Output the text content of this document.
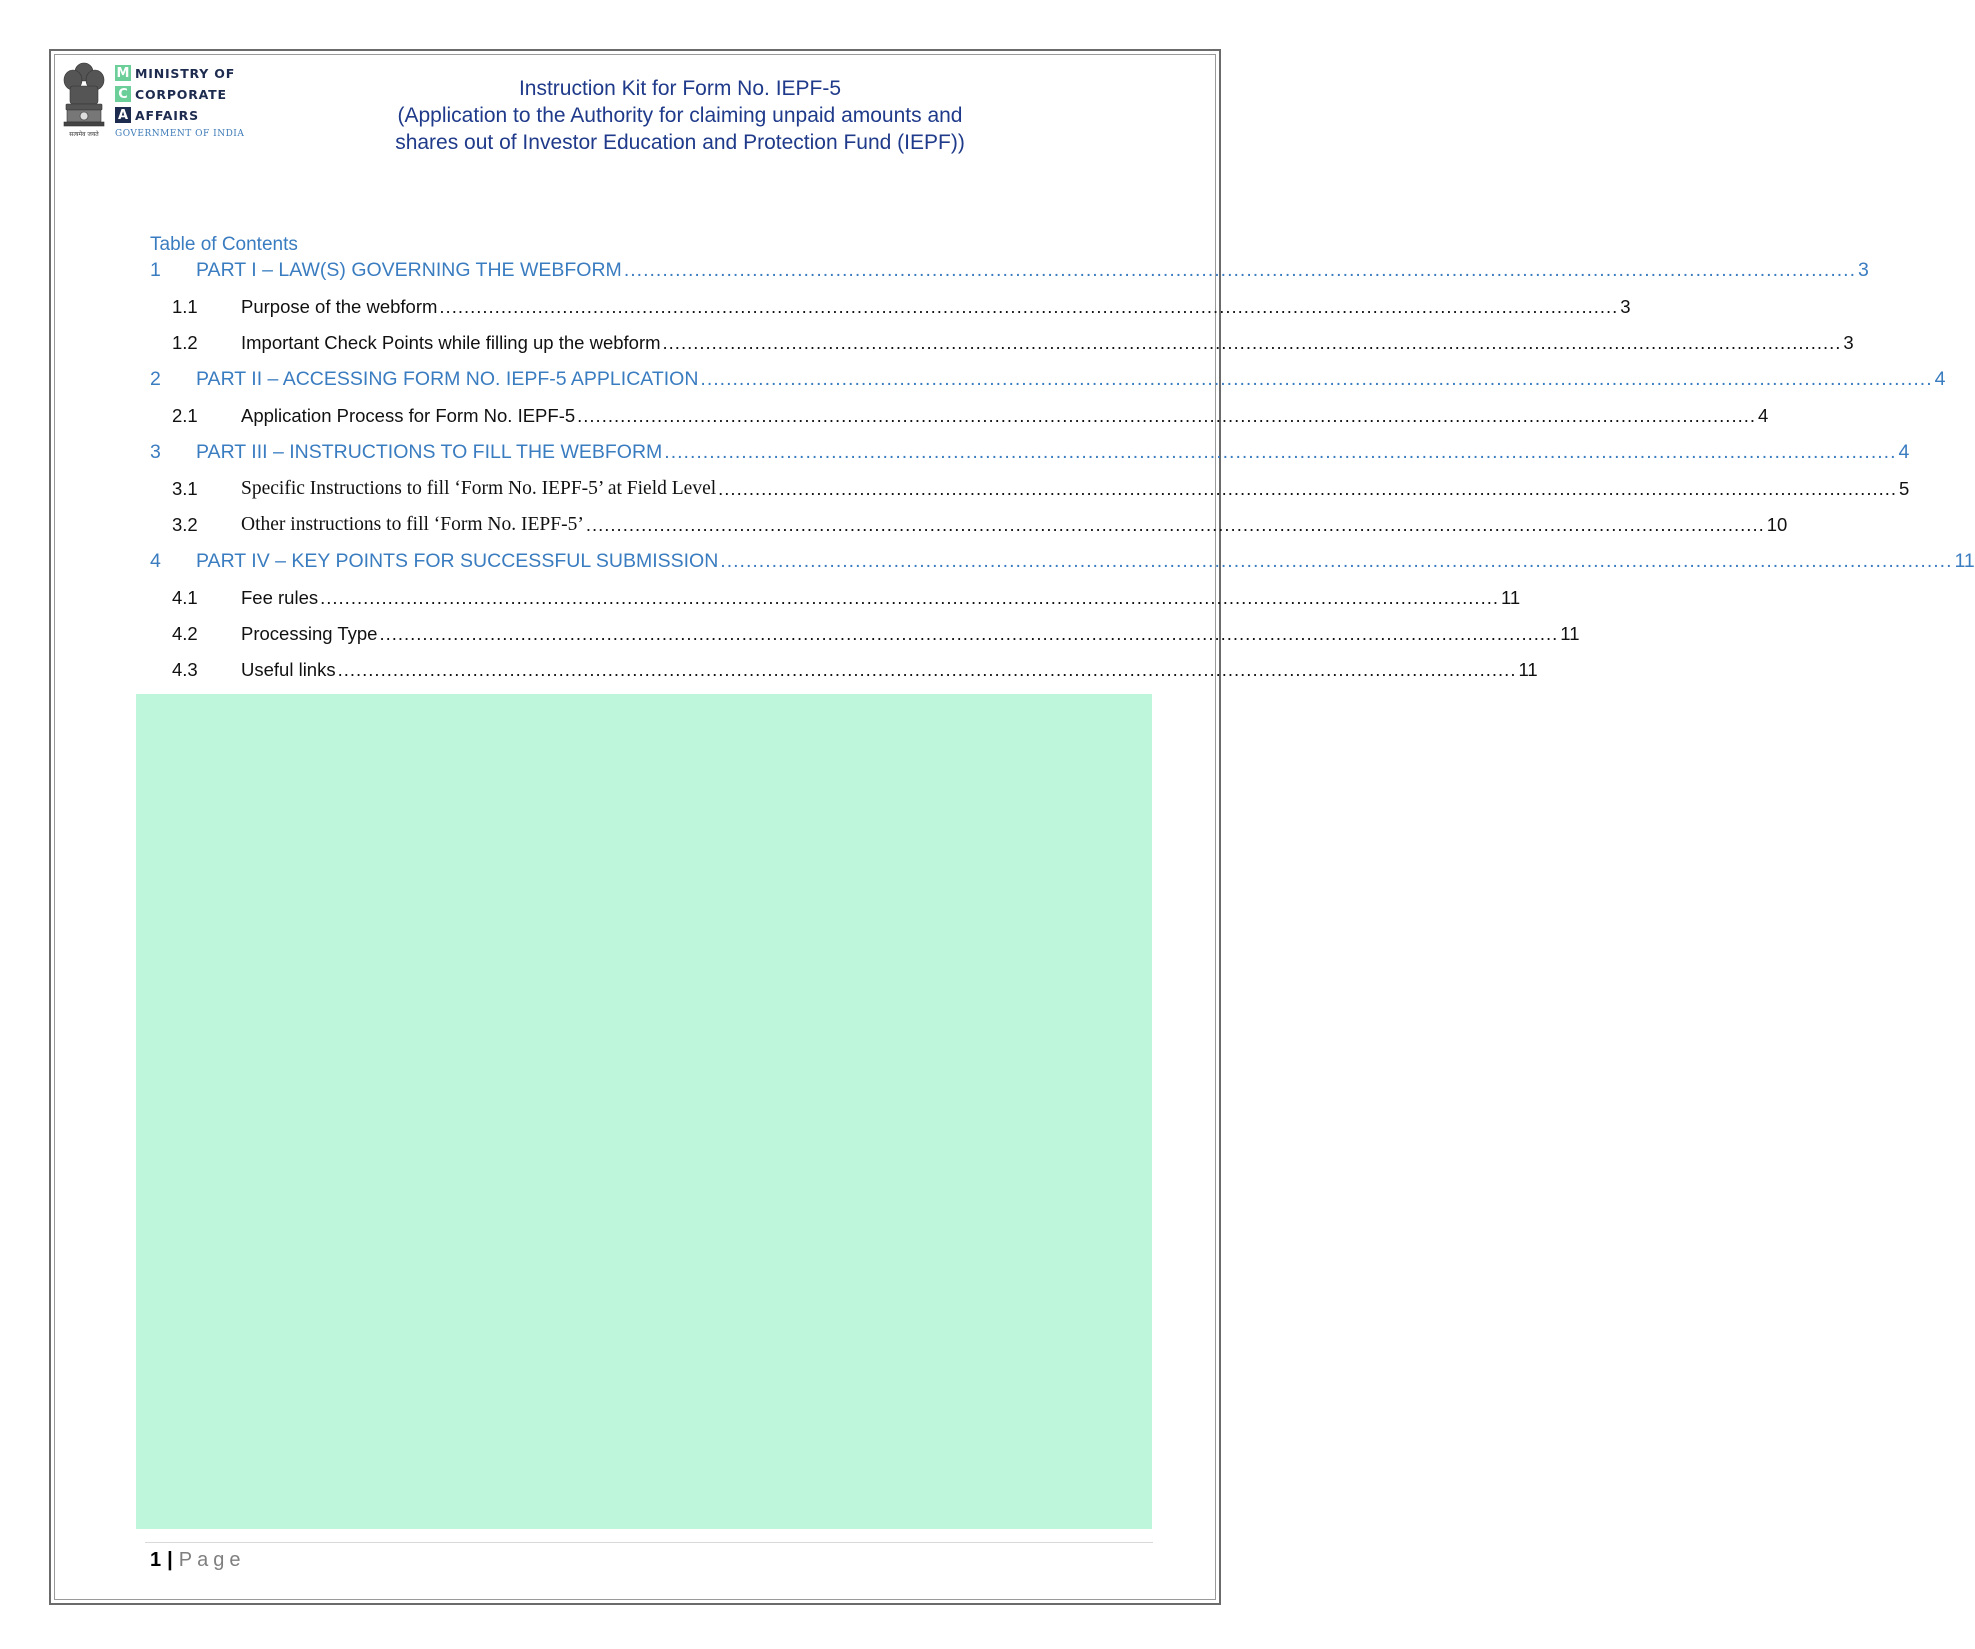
सत्यमेव जयते
M MINISTRY OF
C CORPORATE
A AFFAIRS
GOVERNMENT OF INDIA
Instruction Kit for Form No. IEPF-5
(Application to the Authority for claiming unpaid amounts and
shares out of Investor Education and Protection Fund (IEPF))
Table of Contents
1	PART I – LAW(S) GOVERNING THE WEBFORM ................................................................................................................................................................................................ 3
1.1	Purpose of the webform ................................................................................................................................................................................................ 3
1.2	Important Check Points while filling up the webform ................................................................................................................................................................................................ 3
2	PART II – ACCESSING FORM NO. IEPF-5 APPLICATION ................................................................................................................................................................................................ 4
2.1	Application Process for Form No. IEPF-5 ................................................................................................................................................................................................ 4
3	PART III – INSTRUCTIONS TO FILL THE WEBFORM ................................................................................................................................................................................................ 4
3.1	Specific Instructions to fill ‘Form No. IEPF-5’ at Field Level ................................................................................................................................................................................................ 5
3.2	Other instructions to fill ‘Form No. IEPF-5’ ................................................................................................................................................................................................ 10
4	PART IV – KEY POINTS FOR SUCCESSFUL SUBMISSION ................................................................................................................................................................................................ 11
4.1	Fee rules ................................................................................................................................................................................................ 11
4.2	Processing Type ................................................................................................................................................................................................ 11
4.3	Useful links ................................................................................................................................................................................................ 11
1 | Page
